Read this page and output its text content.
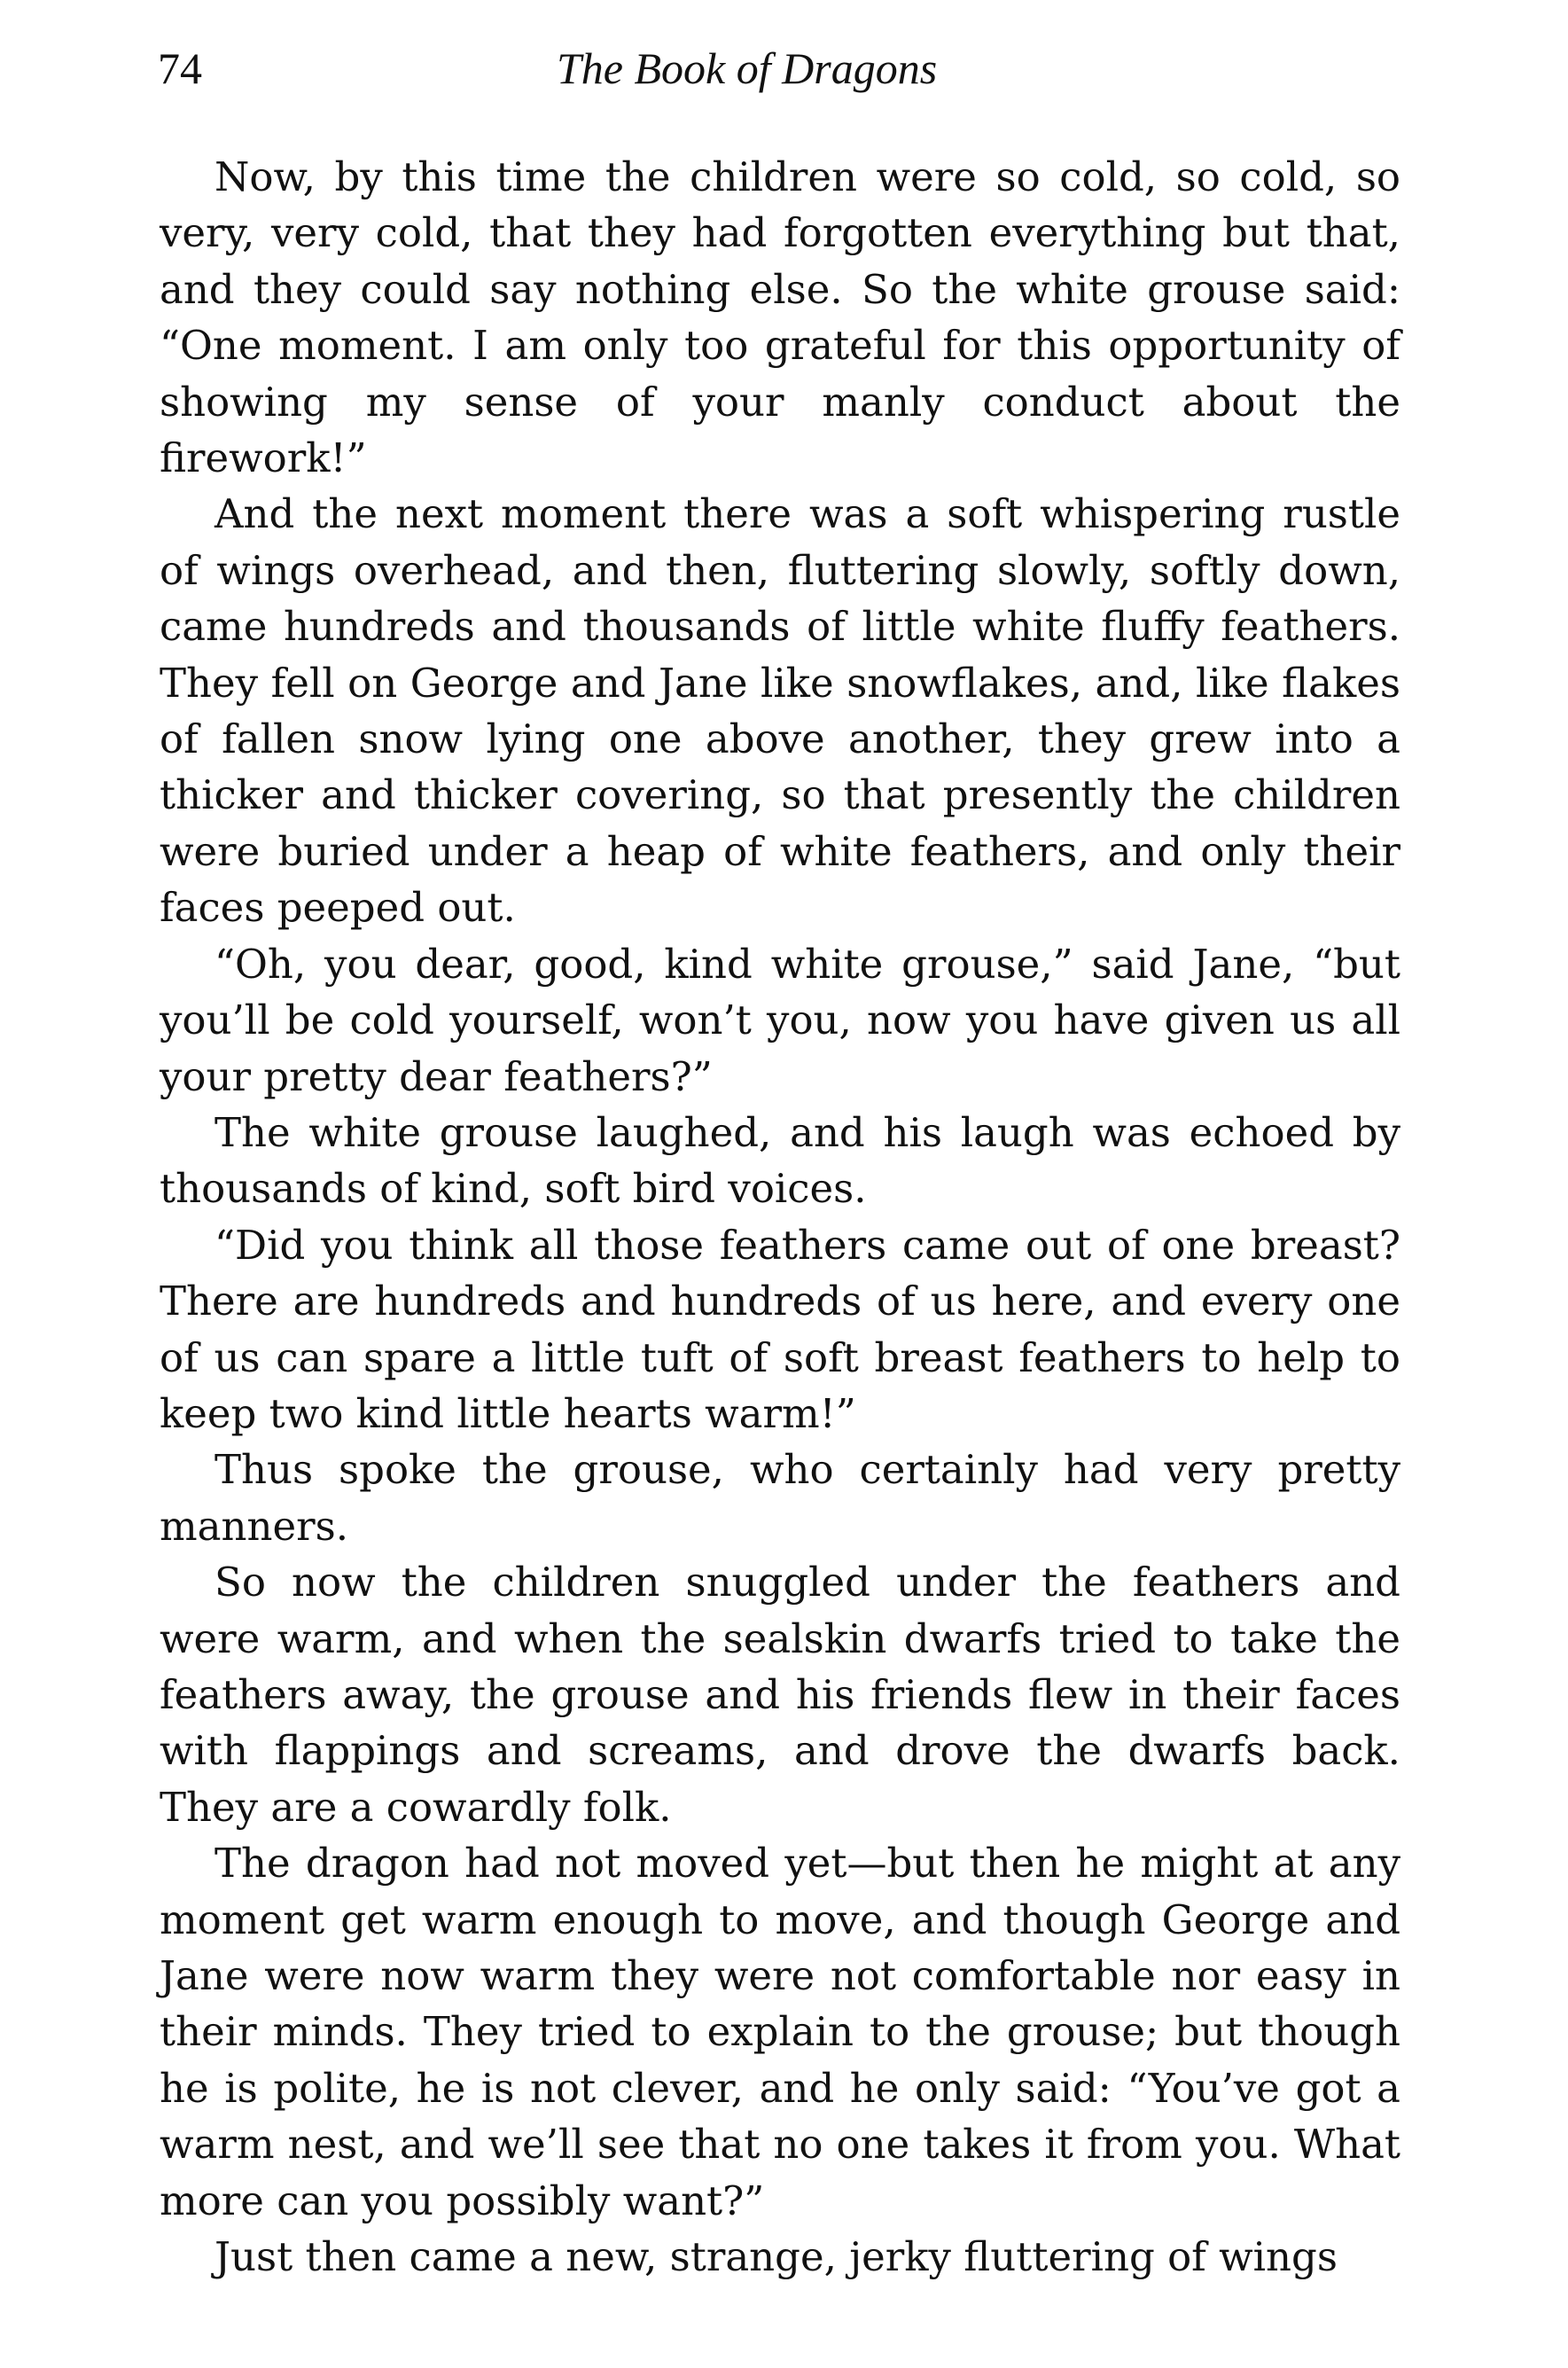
74	The Book of Dragons

Now, by this time the children were so cold, so cold, so very, very cold, that they had forgotten everything but that, and they could say nothing else. So the white grouse said: “One moment. I am only too grateful for this opportunity of showing my sense of your manly conduct about the firework!”

And the next moment there was a soft whispering rustle of wings overhead, and then, fluttering slowly, softly down, came hundreds and thousands of little white fluffy feathers. They fell on George and Jane like snowflakes, and, like flakes of fallen snow lying one above another, they grew into a thicker and thicker covering, so that presently the children were buried under a heap of white feathers, and only their faces peeped out.

“Oh, you dear, good, kind white grouse,” said Jane, “but you’ll be cold yourself, won’t you, now you have given us all your pretty dear feathers?”

The white grouse laughed, and his laugh was echoed by thousands of kind, soft bird voices.

“Did you think all those feathers came out of one breast? There are hundreds and hundreds of us here, and every one of us can spare a little tuft of soft breast feathers to help to keep two kind little hearts warm!”

Thus spoke the grouse, who certainly had very pretty manners.

So now the children snuggled under the feathers and were warm, and when the sealskin dwarfs tried to take the feathers away, the grouse and his friends flew in their faces with flappings and screams, and drove the dwarfs back. They are a cowardly folk.

The dragon had not moved yet—but then he might at any moment get warm enough to move, and though George and Jane were now warm they were not comfortable nor easy in their minds. They tried to explain to the grouse; but though he is polite, he is not clever, and he only said: “You’ve got a warm nest, and we’ll see that no one takes it from you. What more can you possibly want?”

Just then came a new, strange, jerky fluttering of wings
